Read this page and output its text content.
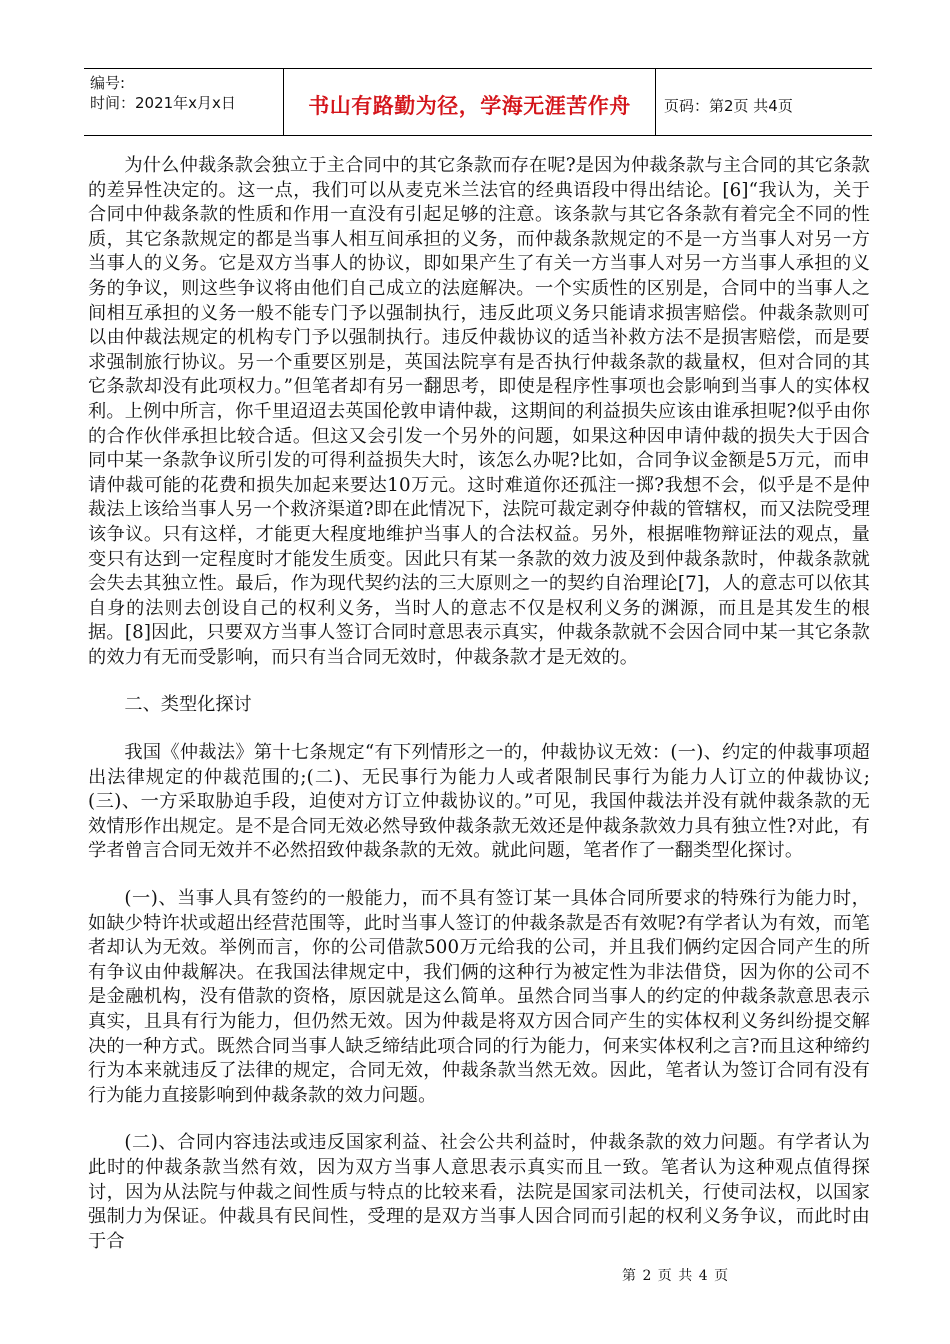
编号:
时间：2021年x月x日	书山有路勤为径，学海无涯苦作舟	页码：第2页 共4页

为什么仲裁条款会独立于主合同中的其它条款而存在呢?是因为仲裁条款与主合同的其它条款的差异性决定的。这一点，我们可以从麦克米兰法官的经典语段中得出结论。[6]“我认为，关于合同中仲裁条款的性质和作用一直没有引起足够的注意。该条款与其它各条款有着完全不同的性质，其它条款规定的都是当事人相互间承担的义务，而仲裁条款规定的不是一方当事人对另一方当事人的义务。它是双方当事人的协议，即如果产生了有关一方当事人对另一方当事人承担的义务的争议，则这些争议将由他们自己成立的法庭解决。一个实质性的区别是，合同中的当事人之间相互承担的义务一般不能专门予以强制执行，违反此项义务只能请求损害赔偿。仲裁条款则可以由仲裁法规定的机构专门予以强制执行。违反仲裁协议的适当补救方法不是损害赔偿，而是要求强制旅行协议。另一个重要区别是，英国法院享有是否执行仲裁条款的裁量权，但对合同的其它条款却没有此项权力。”但笔者却有另一翻思考，即使是程序性事项也会影响到当事人的实体权利。上例中所言，你千里迢迢去英国伦敦申请仲裁，这期间的利益损失应该由谁承担呢?似乎由你的合作伙伴承担比较合适。但这又会引发一个另外的问题，如果这种因申请仲裁的损失大于因合同中某一条款争议所引发的可得利益损失大时，该怎么办呢?比如，合同争议金额是5万元，而申请仲裁可能的花费和损失加起来要达10万元。这时难道你还孤注一掷?我想不会，似乎是不是仲裁法上该给当事人另一个救济渠道?即在此情况下，法院可裁定剥夺仲裁的管辖权，而又法院受理该争议。只有这样，才能更大程度地维护当事人的合法权益。另外，根据唯物辩证法的观点，量变只有达到一定程度时才能发生质变。因此只有某一条款的效力波及到仲裁条款时，仲裁条款就会失去其独立性。最后，作为现代契约法的三大原则之一的契约自治理论[7]，人的意志可以依其自身的法则去创设自己的权利义务，当时人的意志不仅是权利义务的渊源，而且是其发生的根据。[8]因此，只要双方当事人签订合同时意思表示真实，仲裁条款就不会因合同中某一其它条款的效力有无而受影响，而只有当合同无效时，仲裁条款才是无效的。

二、类型化探讨

我国《仲裁法》第十七条规定“有下列情形之一的，仲裁协议无效：(一)、约定的仲裁事项超出法律规定的仲裁范围的;(二)、无民事行为能力人或者限制民事行为能力人订立的仲裁协议;(三)、一方采取胁迫手段，迫使对方订立仲裁协议的。”可见，我国仲裁法并没有就仲裁条款的无效情形作出规定。是不是合同无效必然导致仲裁条款无效还是仲裁条款效力具有独立性?对此，有学者曾言合同无效并不必然招致仲裁条款的无效。就此问题，笔者作了一翻类型化探讨。

(一)、当事人具有签约的一般能力，而不具有签订某一具体合同所要求的特殊行为能力时，如缺少特许状或超出经营范围等，此时当事人签订的仲裁条款是否有效呢?有学者认为有效，而笔者却认为无效。举例而言，你的公司借款500万元给我的公司，并且我们俩约定因合同产生的所有争议由仲裁解决。在我国法律规定中，我们俩的这种行为被定性为非法借贷，因为你的公司不是金融机构，没有借款的资格，原因就是这么简单。虽然合同当事人的约定的仲裁条款意思表示真实，且具有行为能力，但仍然无效。因为仲裁是将双方因合同产生的实体权利义务纠纷提交解决的一种方式。既然合同当事人缺乏缔结此项合同的行为能力，何来实体权利之言?而且这种缔约行为本来就违反了法律的规定，合同无效，仲裁条款当然无效。因此，笔者认为签订合同有没有行为能力直接影响到仲裁条款的效力问题。

(二)、合同内容违法或违反国家利益、社会公共利益时，仲裁条款的效力问题。有学者认为此时的仲裁条款当然有效，因为双方当事人意思表示真实而且一致。笔者认为这种观点值得探讨，因为从法院与仲裁之间性质与特点的比较来看，法院是国家司法机关，行使司法权，以国家强制力为保证。仲裁具有民间性，受理的是双方当事人因合同而引起的权利义务争议，而此时由于合

第 2 页 共 4 页
